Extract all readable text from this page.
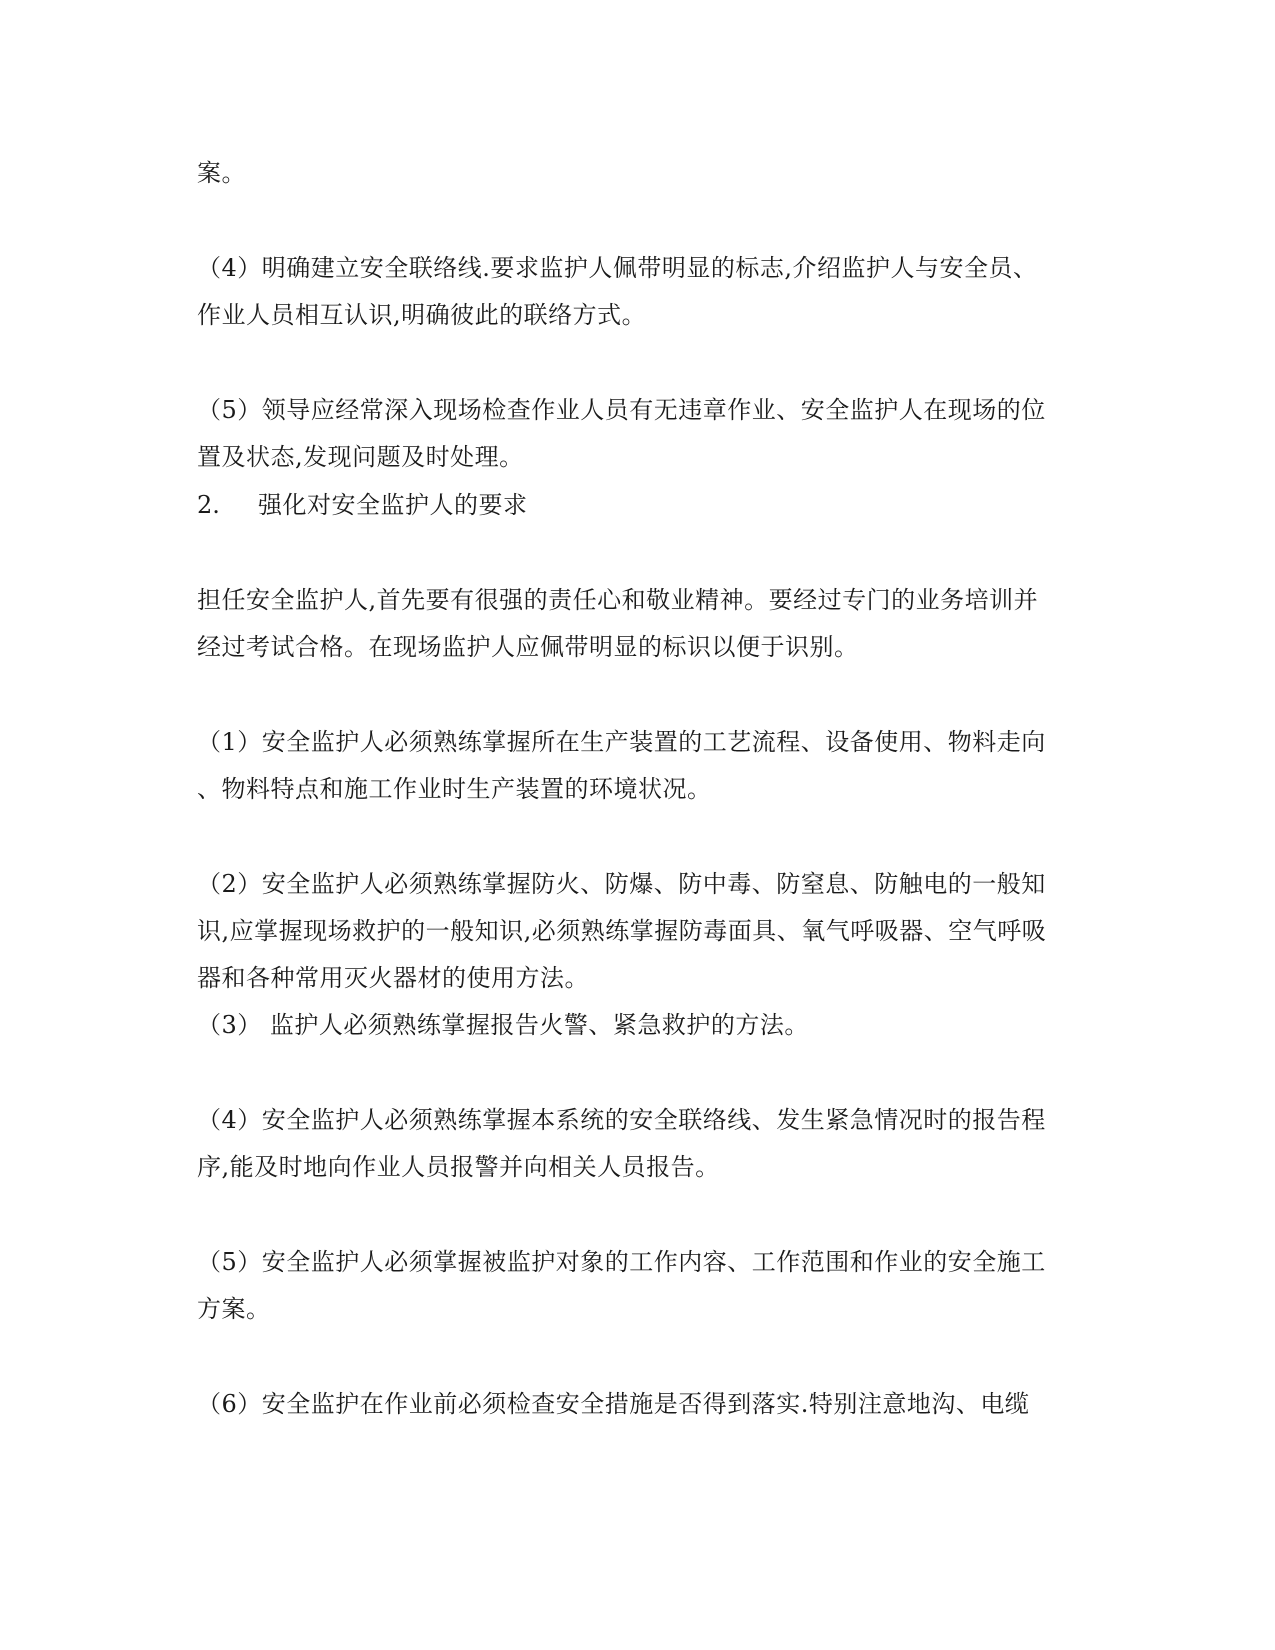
案。
（4）明确建立安全联络线.要求监护人佩带明显的标志,介绍监护人与安全员、
作业人员相互认识,明确彼此的联络方式。
（5）领导应经常深入现场检查作业人员有无违章作业、安全监护人在现场的位
置及状态,发现问题及时处理。
2. 强化对安全监护人的要求
担任安全监护人,首先要有很强的责任心和敬业精神。要经过专门的业务培训并
经过考试合格。在现场监护人应佩带明显的标识以便于识别。
（1）安全监护人必须熟练掌握所在生产装置的工艺流程、设备使用、物料走向
、物料特点和施工作业时生产装置的环境状况。
（2）安全监护人必须熟练掌握防火、防爆、防中毒、防窒息、防触电的一般知
识,应掌握现场救护的一般知识,必须熟练掌握防毒面具、氧气呼吸器、空气呼吸
器和各种常用灭火器材的使用方法。
（3） 监护人必须熟练掌握报告火警、紧急救护的方法。
（4）安全监护人必须熟练掌握本系统的安全联络线、发生紧急情况时的报告程
序,能及时地向作业人员报警并向相关人员报告。
（5）安全监护人必须掌握被监护对象的工作内容、工作范围和作业的安全施工
方案。
（6）安全监护在作业前必须检查安全措施是否得到落实.特别注意地沟、电缆
